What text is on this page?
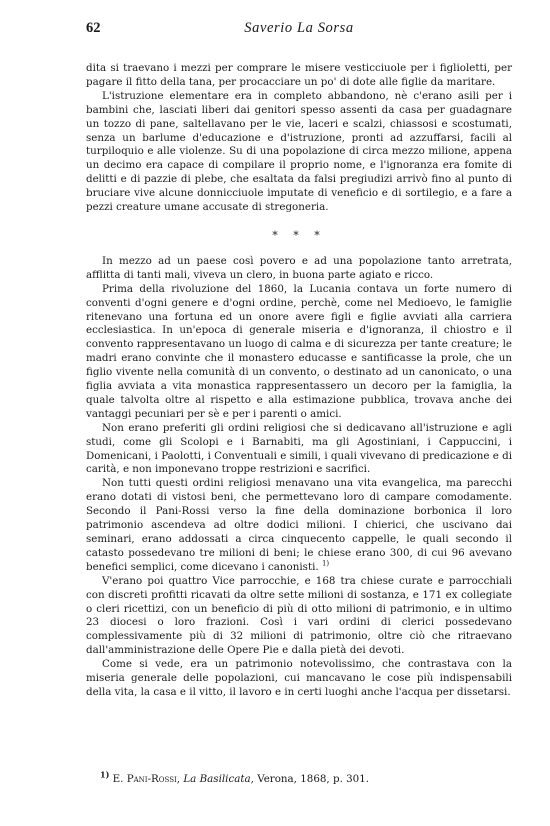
62	Saverio La Sorsa

dita si traevano i mezzi per comprare le misere vesticciuole per i figlioletti, per pagare il fitto della tana, per procacciare un po' di dote alle figlie da maritare.

L'istruzione elementare era in completo abbandono, nè c'erano asili per i bambini che, lasciati liberi dai genitori spesso assenti da casa per guadagnare un tozzo di pane, saltellavano per le vie, laceri e scalzi, chiassosi e scostumati, senza un barlume d'educazione e d'istruzione, pronti ad azzuffarsi, facili al turpiloquio e alle violenze. Su di una popolazione di circa mezzo milione, appena un decimo era capace di compilare il proprio nome, e l'ignoranza era fomite di delitti e di pazzie di plebe, che esaltata da falsi pregiudizi arrivò fino al punto di bruciare vive alcune donnicciuole imputate di veneficio e di sortilegio, e a fare a pezzi creature umane accusate di stregoneria.

* * *

In mezzo ad un paese così povero e ad una popolazione tanto arretrata, afflitta di tanti mali, viveva un clero, in buona parte agiato e ricco.

Prima della rivoluzione del 1860, la Lucania contava un forte numero di conventi d'ogni genere e d'ogni ordine, perchè, come nel Medioevo, le famiglie ritenevano una fortuna ed un onore avere figli e figlie avviati alla carriera ecclesiastica. In un'epoca di generale miseria e d'ignoranza, il chiostro e il convento rappresentavano un luogo di calma e di sicurezza per tante creature; le madri erano convinte che il monastero educasse e santificasse la prole, che un figlio vivente nella comunità di un convento, o destinato ad un canonicato, o una figlia avviata a vita monastica rappresentassero un decoro per la famiglia, la quale talvolta oltre al rispetto e alla estimazione pubblica, trovava anche dei vantaggi pecuniari per sè e per i parenti o amici.

Non erano preferiti gli ordini religiosi che si dedicavano all'istruzione e agli studi, come gli Scolopi e i Barnabiti, ma gli Agostiniani, i Cappuccini, i Domenicani, i Paolotti, i Conventuali e simili, i quali vivevano di predicazione e di carità, e non imponevano troppe restrizioni e sacrifici.

Non tutti questi ordini religiosi menavano una vita evangelica, ma parecchi erano dotati di vistosi beni, che permettevano loro di campare comodamente. Secondo il Pani-Rossi verso la fine della dominazione borbonica il loro patrimonio ascendeva ad oltre dodici milioni. I chierici, che uscivano dai seminari, erano addossati a circa cinquecento cappelle, le quali secondo il catasto possedevano tre milioni di beni; le chiese erano 300, di cui 96 avevano benefici semplici, come dicevano i canonisti. $^{1)}$

V'erano poi quattro Vice parrocchie, e 168 tra chiese curate e parrocchiali con discreti profitti ricavati da oltre sette milioni di sostanza, e 171 ex collegiate o cleri ricettizi, con un beneficio di più di otto milioni di patrimonio, e in ultimo 23 diocesi o loro frazioni. Così i vari ordini di clerici possedevano complessivamente più di 32 milioni di patrimonio, oltre ciò che ritraevano dall'amministrazione delle Opere Pie e dalla pietà dei devoti.

Come si vede, era un patrimonio notevolissimo, che contrastava con la miseria generale delle popolazioni, cui mancavano le cose più indispensabili della vita, la casa e il vitto, il lavoro e in certi luoghi anche l'acqua per dissetarsi.

$^{1)}$ E. Pani-Rossi, La Basilicata, Verona, 1868, p. 301.
